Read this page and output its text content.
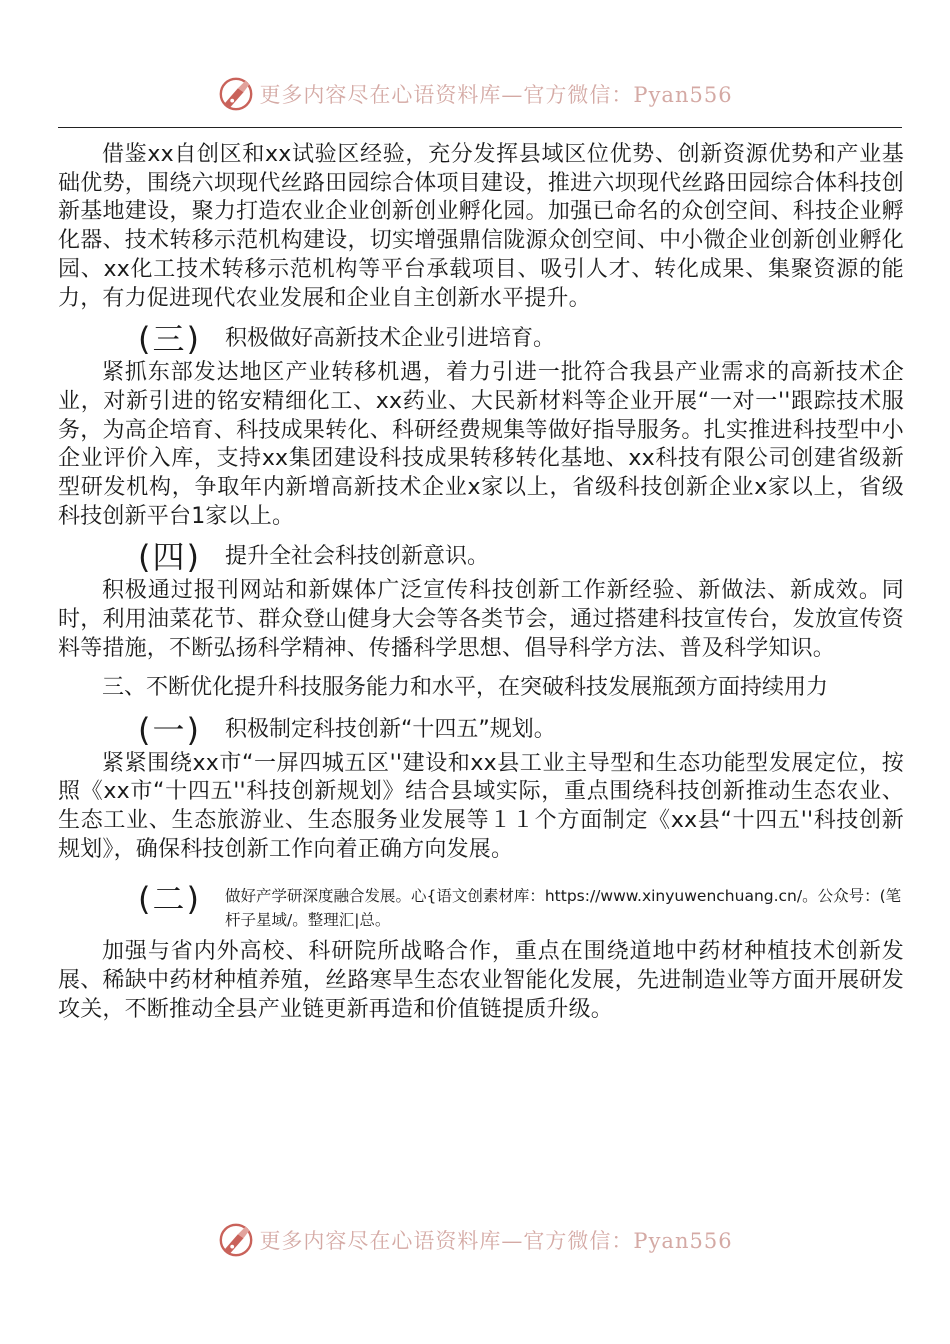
更多内容尽在心语资料库—官方微信：Pyan556

借鉴xx自创区和xx试验区经验，充分发挥县域区位优势、创新资源优势和产业基础优势，围绕六坝现代丝路田园综合体项目建设，推进六坝现代丝路田园综合体科技创新基地建设，聚力打造农业企业创新创业孵化园。加强已命名的众创空间、科技企业孵化器、技术转移示范机构建设，切实增强鼎信陇源众创空间、中小微企业创新创业孵化园、xx化工技术转移示范机构等平台承载项目、吸引人才、转化成果、集聚资源的能力，有力促进现代农业发展和企业自主创新水平提升。

(三) 积极做好高新技术企业引进培育。

紧抓东部发达地区产业转移机遇，着力引进一批符合我县产业需求的高新技术企业，对新引进的铭安精细化工、xx药业、大民新材料等企业开展“一对一''跟踪技术服务，为高企培育、科技成果转化、科研经费规集等做好指导服务。扎实推进科技型中小企业评价入库，支持xx集团建设科技成果转移转化基地、xx科技有限公司创建省级新型研发机构，争取年内新增高新技术企业x家以上，省级科技创新企业x家以上，省级科技创新平台1家以上。

(四) 提升全社会科技创新意识。

积极通过报刊网站和新媒体广泛宣传科技创新工作新经验、新做法、新成效。同时，利用油菜花节、群众登山健身大会等各类节会，通过搭建科技宣传台，发放宣传资料等措施，不断弘扬科学精神、传播科学思想、倡导科学方法、普及科学知识。

三、不断优化提升科技服务能力和水平，在突破科技发展瓶颈方面持续用力

(一) 积极制定科技创新“十四五”规划。

紧紧围绕xx市“一屏四城五区''建设和xx县工业主导型和生态功能型发展定位，按照《xx市“十四五''科技创新规划》结合县域实际，重点围绕科技创新推动生态农业、生态工业、生态旅游业、生态服务业发展等１１个方面制定《xx县“十四五''科技创新规划》，确保科技创新工作向着正确方向发展。

(二) 做好产学研深度融合发展。心{语文创素材库：https://www.xinyuwenchuang.cn/。公众号：(笔杆子星域/。整理汇|总。

加强与省内外高校、科研院所战略合作，重点在围绕道地中药材种植技术创新发展、稀缺中药材种植养殖，丝路寒旱生态农业智能化发展，先进制造业等方面开展研发攻关，不断推动全县产业链更新再造和价值链提质升级。

更多内容尽在心语资料库—官方微信：Pyan556
